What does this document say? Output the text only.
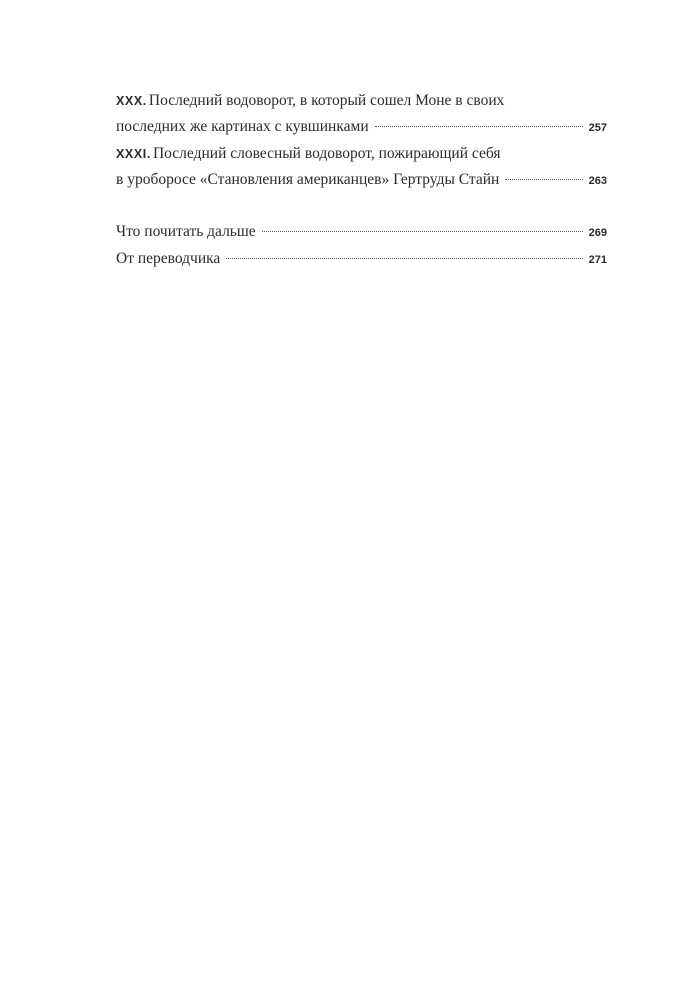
XXX. Последний водоворот, в который сошел Моне в своих
последних же картинах с кувшинками	257
XXXI. Последний словесный водоворот, пожирающий себя
в уроборосе «Становления американцев» Гертруды Стайн	263
Что почитать дальше	269
От переводчика	271
